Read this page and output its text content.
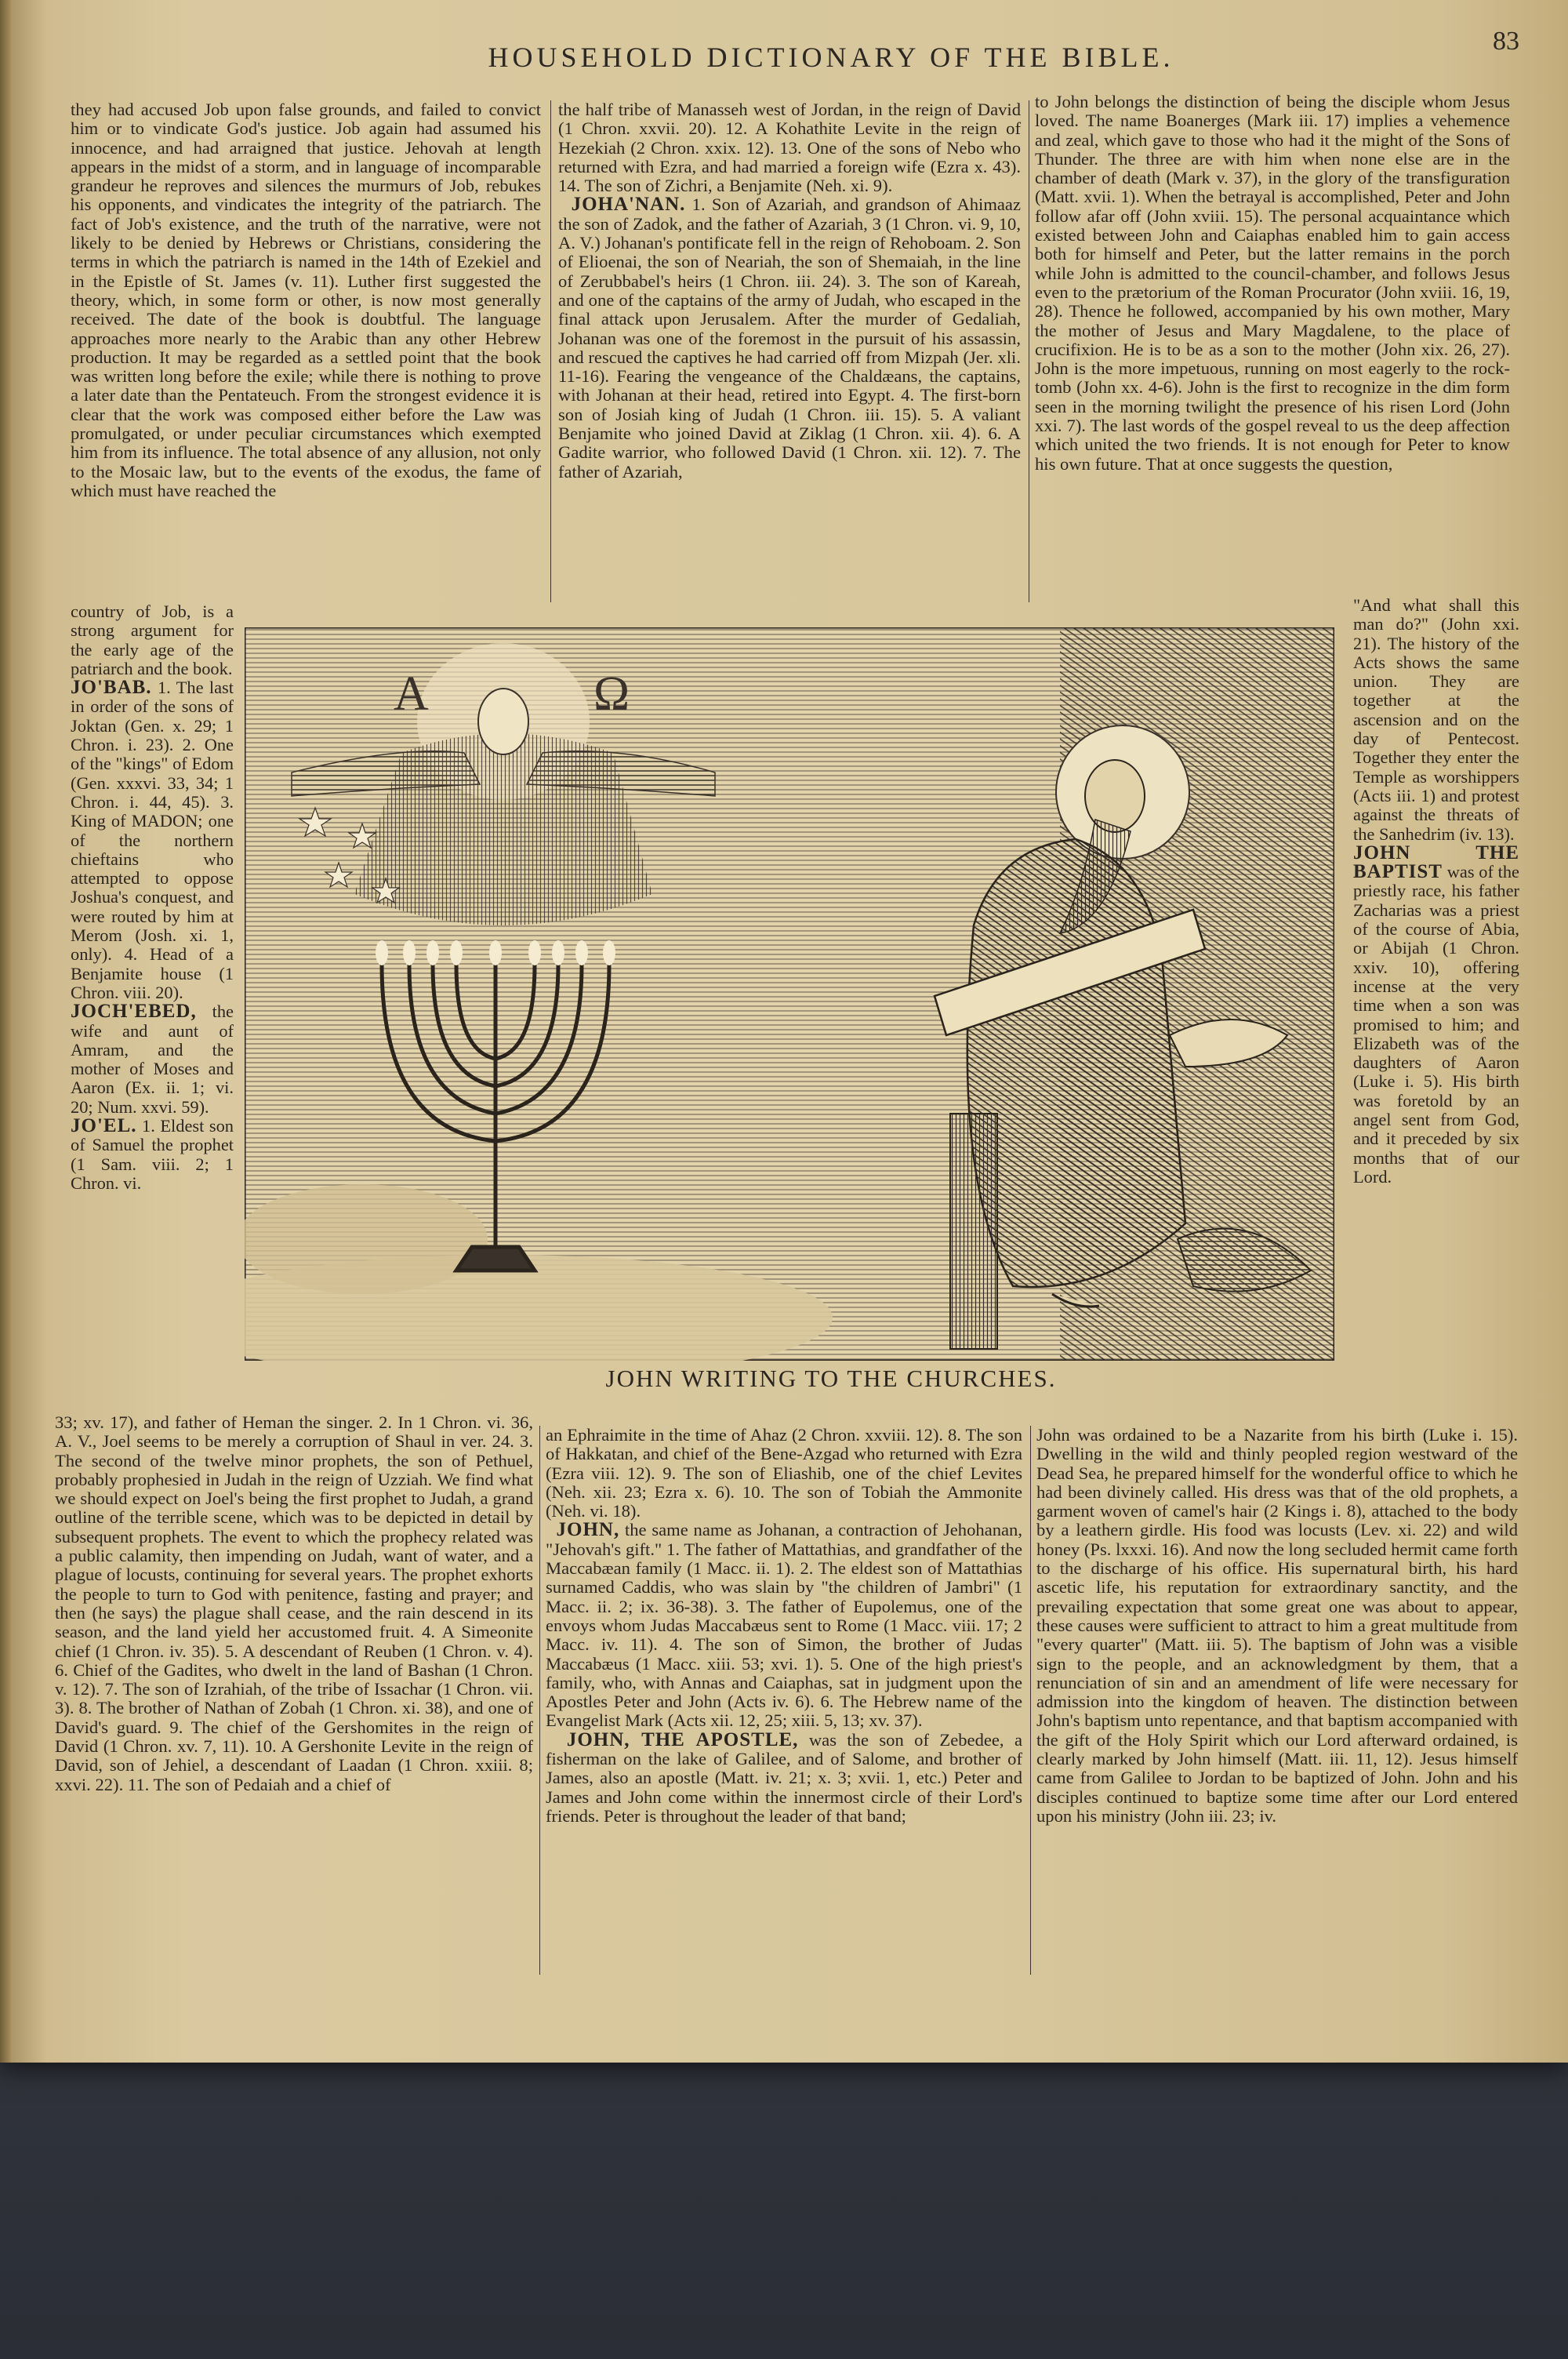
HOUSEHOLD DICTIONARY OF THE BIBLE.
83

they had accused Job upon false grounds, and failed to convict him or to vindicate God's justice. Job again had assumed his innocence, and had arraigned that justice. Jehovah at length appears in the midst of a storm, and in language of incomparable grandeur he reproves and silences the murmurs of Job, rebukes his opponents, and vindicates the integrity of the patriarch. The fact of Job's existence, and the truth of the narrative, were not likely to be denied by Hebrews or Christians, considering the terms in which the patriarch is named in the 14th of Ezekiel and in the Epistle of St. James (v. 11). Luther first suggested the theory, which, in some form or other, is now most generally received. The date of the book is doubtful. The language approaches more nearly to the Arabic than any other Hebrew production. It may be regarded as a settled point that the book was written long before the exile; while there is nothing to prove a later date than the Pentateuch. From the strongest evidence it is clear that the work was composed either before the Law was promulgated, or under peculiar circumstances which exempted him from its influence. The total absence of any allusion, not only to the Mosaic law, but to the events of the exodus, the fame of which must have reached the

country of Job, is a strong argument for the early age of the patriarch and the book.

JO'BAB. 1. The last in order of the sons of Joktan (Gen. x. 29; 1 Chron. i. 23). 2. One of the "kings" of Edom (Gen. xxxvi. 33, 34; 1 Chron. i. 44, 45). 3. King of MADON; one of the northern chieftains who attempted to oppose Joshua's conquest, and were routed by him at Merom (Josh. xi. 1, only). 4. Head of a Benjamite house (1 Chron. viii. 20).

JOCH'EBED, the wife and aunt of Amram, and the mother of Moses and Aaron (Ex. ii. 1; vi. 20; Num. xxvi. 59).

JO'EL. 1. Eldest son of Samuel the prophet (1 Sam. viii. 2; 1 Chron. vi.

the half tribe of Manasseh west of Jordan, in the reign of David (1 Chron. xxvii. 20). 12. A Kohathite Levite in the reign of Hezekiah (2 Chron. xxix. 12). 13. One of the sons of Nebo who returned with Ezra, and had married a foreign wife (Ezra x. 43). 14. The son of Zichri, a Benjamite (Neh. xi. 9).

JOHA'NAN. 1. Son of Azariah, and grandson of Ahimaaz the son of Zadok, and the father of Azariah, 3 (1 Chron. vi. 9, 10, A. V.) Johanan's pontificate fell in the reign of Rehoboam. 2. Son of Elioenai, the son of Neariah, the son of Shemaiah, in the line of Zerubbabel's heirs (1 Chron. iii. 24). 3. The son of Kareah, and one of the captains of the army of Judah, who escaped in the final attack upon Jerusalem. After the murder of Gedaliah, Johanan was one of the foremost in the pursuit of his assassin, and rescued the captives he had carried off from Mizpah (Jer. xli. 11-16). Fearing the vengeance of the Chaldæans, the captains, with Johanan at their head, retired into Egypt. 4. The first-born son of Josiah king of Judah (1 Chron. iii. 15). 5. A valiant Benjamite who joined David at Ziklag (1 Chron. xii. 4). 6. A Gadite warrior, who followed David (1 Chron. xii. 12). 7. The father of Azariah,

to John belongs the distinction of being the disciple whom Jesus loved. The name Boanerges (Mark iii. 17) implies a vehemence and zeal, which gave to those who had it the might of the Sons of Thunder. The three are with him when none else are in the chamber of death (Mark v. 37), in the glory of the transfiguration (Matt. xvii. 1). When the betrayal is accomplished, Peter and John follow afar off (John xviii. 15). The personal acquaintance which existed between John and Caiaphas enabled him to gain access both for himself and Peter, but the latter remains in the porch while John is admitted to the council-chamber, and follows Jesus even to the prætorium of the Roman Procurator (John xviii. 16, 19, 28). Thence he followed, accompanied by his own mother, Mary the mother of Jesus and Mary Magdalene, to the place of crucifixion. He is to be as a son to the mother (John xix. 26, 27). John is the more impetuous, running on most eagerly to the rock-tomb (John xx. 4-6). John is the first to recognize in the dim form seen in the morning twilight the presence of his risen Lord (John xxi. 7). The last words of the gospel reveal to us the deep affection which united the two friends. It is not enough for Peter to know his own future. That at once suggests the question,

"And what shall this man do?" (John xxi. 21). The history of the Acts shows the same union. They are together at the ascension and on the day of Pentecost. Together they enter the Temple as worshippers (Acts iii. 1) and protest against the threats of the Sanhedrim (iv. 13).

JOHN THE BAPTIST was of the priestly race, his father Zacharias was a priest of the course of Abia, or Abijah (1 Chron. xxiv. 10), offering incense at the very time when a son was promised to him; and Elizabeth was of the daughters of Aaron (Luke i. 5). His birth was foretold by an angel sent from God, and it preceded by six months that of our Lord.

A	Ω
JOHN WRITING TO THE CHURCHES.

33; xv. 17), and father of Heman the singer. 2. In 1 Chron. vi. 36, A. V., Joel seems to be merely a corruption of Shaul in ver. 24. 3. The second of the twelve minor prophets, the son of Pethuel, probably prophesied in Judah in the reign of Uzziah. We find what we should expect on Joel's being the first prophet to Judah, a grand outline of the terrible scene, which was to be depicted in detail by subsequent prophets. The event to which the prophecy related was a public calamity, then impending on Judah, want of water, and a plague of locusts, continuing for several years. The prophet exhorts the people to turn to God with penitence, fasting and prayer; and then (he says) the plague shall cease, and the rain descend in its season, and the land yield her accustomed fruit. 4. A Simeonite chief (1 Chron. iv. 35). 5. A descendant of Reuben (1 Chron. v. 4). 6. Chief of the Gadites, who dwelt in the land of Bashan (1 Chron. v. 12). 7. The son of Izrahiah, of the tribe of Issachar (1 Chron. vii. 3). 8. The brother of Nathan of Zobah (1 Chron. xi. 38), and one of David's guard. 9. The chief of the Gershomites in the reign of David (1 Chron. xv. 7, 11). 10. A Gershonite Levite in the reign of David, son of Jehiel, a descendant of Laadan (1 Chron. xxiii. 8; xxvi. 22). 11. The son of Pedaiah and a chief of

an Ephraimite in the time of Ahaz (2 Chron. xxviii. 12). 8. The son of Hakkatan, and chief of the Bene-Azgad who returned with Ezra (Ezra viii. 12). 9. The son of Eliashib, one of the chief Levites (Neh. xii. 23; Ezra x. 6). 10. The son of Tobiah the Ammonite (Neh. vi. 18).

JOHN, the same name as Johanan, a contraction of Jehohanan, "Jehovah's gift." 1. The father of Mattathias, and grandfather of the Maccabæan family (1 Macc. ii. 1). 2. The eldest son of Mattathias surnamed Caddis, who was slain by "the children of Jambri" (1 Macc. ii. 2; ix. 36-38). 3. The father of Eupolemus, one of the envoys whom Judas Maccabæus sent to Rome (1 Macc. viii. 17; 2 Macc. iv. 11). 4. The son of Simon, the brother of Judas Maccabæus (1 Macc. xiii. 53; xvi. 1). 5. One of the high priest's family, who, with Annas and Caiaphas, sat in judgment upon the Apostles Peter and John (Acts iv. 6). 6. The Hebrew name of the Evangelist Mark (Acts xii. 12, 25; xiii. 5, 13; xv. 37).

JOHN, THE APOSTLE, was the son of Zebedee, a fisherman on the lake of Galilee, and of Salome, and brother of James, also an apostle (Matt. iv. 21; x. 3; xvii. 1, etc.) Peter and James and John come within the innermost circle of their Lord's friends. Peter is throughout the leader of that band;

John was ordained to be a Nazarite from his birth (Luke i. 15). Dwelling in the wild and thinly peopled region westward of the Dead Sea, he prepared himself for the wonderful office to which he had been divinely called. His dress was that of the old prophets, a garment woven of camel's hair (2 Kings i. 8), attached to the body by a leathern girdle. His food was locusts (Lev. xi. 22) and wild honey (Ps. lxxxi. 16). And now the long secluded hermit came forth to the discharge of his office. His supernatural birth, his hard ascetic life, his reputation for extraordinary sanctity, and the prevailing expectation that some great one was about to appear, these causes were sufficient to attract to him a great multitude from "every quarter" (Matt. iii. 5). The baptism of John was a visible sign to the people, and an acknowledgment by them, that a renunciation of sin and an amendment of life were necessary for admission into the kingdom of heaven. The distinction between John's baptism unto repentance, and that baptism accompanied with the gift of the Holy Spirit which our Lord afterward ordained, is clearly marked by John himself (Matt. iii. 11, 12). Jesus himself came from Galilee to Jordan to be baptized of John. John and his disciples continued to baptize some time after our Lord entered upon his ministry (John iii. 23; iv.
